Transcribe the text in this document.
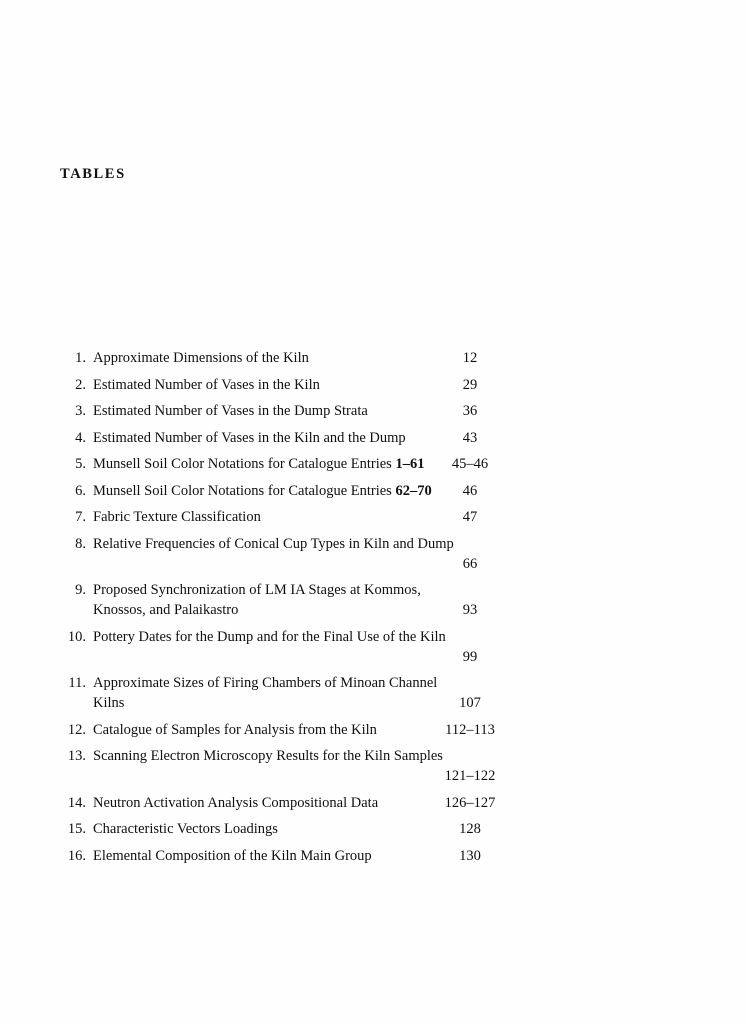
TABLES
1. Approximate Dimensions of the Kiln	12
2. Estimated Number of Vases in the Kiln	29
3. Estimated Number of Vases in the Dump Strata	36
4. Estimated Number of Vases in the Kiln and the Dump	43
5. Munsell Soil Color Notations for Catalogue Entries 1–61	45–46
6. Munsell Soil Color Notations for Catalogue Entries 62–70	46
7. Fabric Texture Classification	47
8. Relative Frequencies of Conical Cup Types in Kiln and Dump
66
9. Proposed Synchronization of LM IA Stages at Kommos, Knossos, and Palaikastro	93
10. Pottery Dates for the Dump and for the Final Use of the Kiln
99
11. Approximate Sizes of Firing Chambers of Minoan Channel Kilns	107
12. Catalogue of Samples for Analysis from the Kiln	112–113
13. Scanning Electron Microscopy Results for the Kiln Samples
121–122
14. Neutron Activation Analysis Compositional Data	126–127
15. Characteristic Vectors Loadings	128
16. Elemental Composition of the Kiln Main Group	130
